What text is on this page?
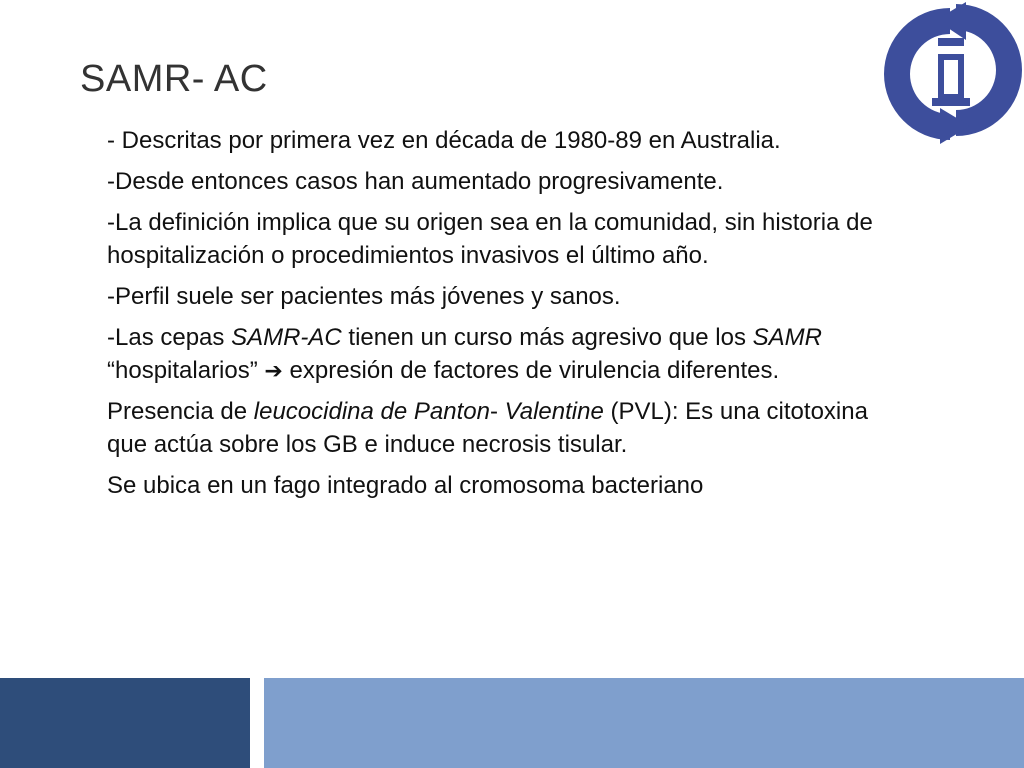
SAMR- AC

- Descritas por primera vez en década de 1980-89 en Australia.

-Desde entonces casos han aumentado progresivamente.

-La definición implica que su origen sea en la comunidad, sin historia de hospitalización o procedimientos invasivos el último año.

-Perfil suele ser pacientes más jóvenes y sanos.

-Las cepas SAMR-AC tienen un curso más agresivo que los SAMR “hospitalarios” ➔ expresión de factores de virulencia diferentes.

Presencia de leucocidina de Panton- Valentine (PVL): Es una citotoxina que actúa sobre los GB e induce necrosis tisular.

Se ubica en un fago integrado al cromosoma bacteriano
